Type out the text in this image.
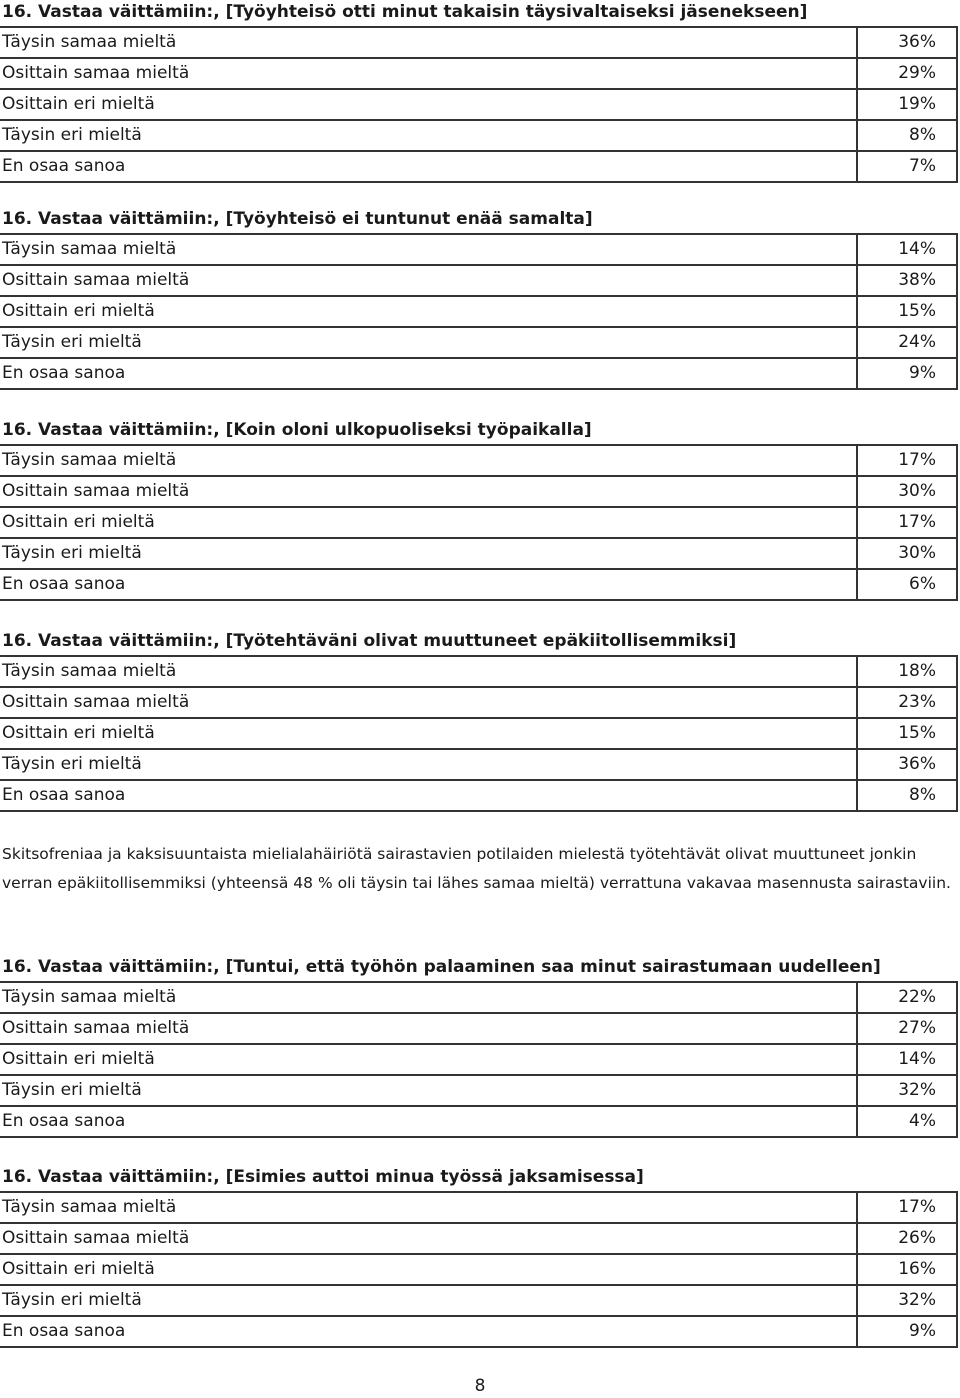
16. Vastaa väittämiin:, [Työyhteisö otti minut takaisin täysivaltaiseksi jäsenekseen]
Täysin samaa mieltä	36%
Osittain samaa mieltä	29%
Osittain eri mieltä	19%
Täysin eri mieltä	8%
En osaa sanoa	7%
16. Vastaa väittämiin:, [Työyhteisö ei tuntunut enää samalta]
Täysin samaa mieltä	14%
Osittain samaa mieltä	38%
Osittain eri mieltä	15%
Täysin eri mieltä	24%
En osaa sanoa	9%
16. Vastaa väittämiin:, [Koin oloni ulkopuoliseksi työpaikalla]
Täysin samaa mieltä	17%
Osittain samaa mieltä	30%
Osittain eri mieltä	17%
Täysin eri mieltä	30%
En osaa sanoa	6%
16. Vastaa väittämiin:, [Työtehtäväni olivat muuttuneet epäkiitollisemmiksi]
Täysin samaa mieltä	18%
Osittain samaa mieltä	23%
Osittain eri mieltä	15%
Täysin eri mieltä	36%
En osaa sanoa	8%
Skitsofreniaa ja kaksisuuntaista mielialahäiriötä sairastavien potilaiden mielestä työtehtävät olivat muuttuneet jonkin verran epäkiitollisemmiksi (yhteensä 48 % oli täysin tai lähes samaa mieltä) verrattuna vakavaa masennusta sairastaviin.
16. Vastaa väittämiin:, [Tuntui, että työhön palaaminen saa minut sairastumaan uudelleen]
Täysin samaa mieltä	22%
Osittain samaa mieltä	27%
Osittain eri mieltä	14%
Täysin eri mieltä	32%
En osaa sanoa	4%
16. Vastaa väittämiin:, [Esimies auttoi minua työssä jaksamisessa]
Täysin samaa mieltä	17%
Osittain samaa mieltä	26%
Osittain eri mieltä	16%
Täysin eri mieltä	32%
En osaa sanoa	9%
8
